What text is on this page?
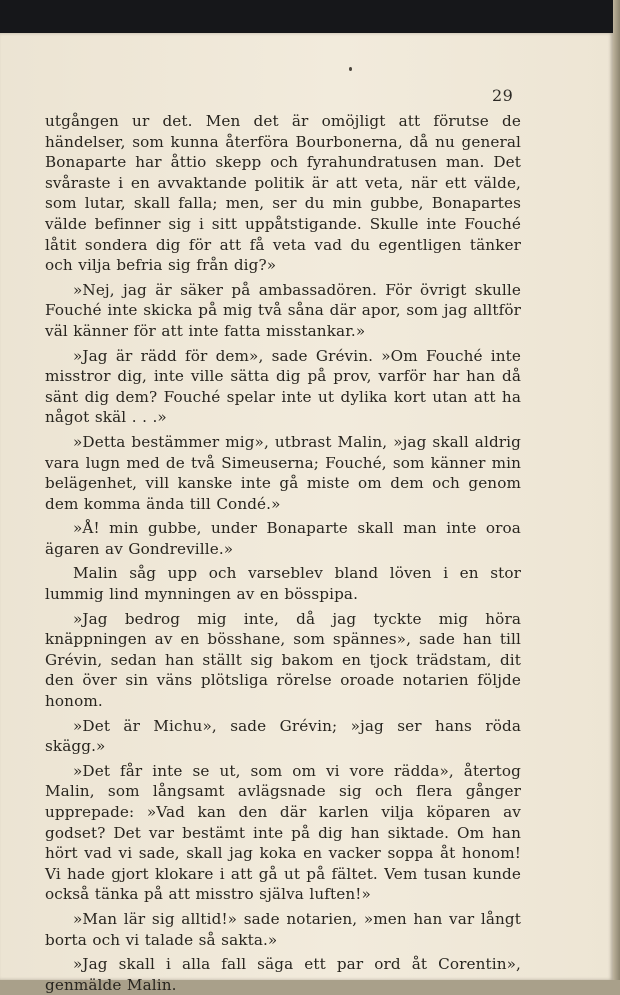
29

utgången ur det. Men det är omöjligt att förutse de händelser, som kunna återföra Bourbonerna, då nu general Bonaparte har åttio skepp och fyrahundratusen man. Det svåraste i en avvaktande politik är att veta, när ett välde, som lutar, skall falla; men, ser du min gubbe, Bonapartes välde befinner sig i sitt uppåtstigande. Skulle inte Fouché låtit sondera dig för att få veta vad du egentligen tänker och vilja befria sig från dig?»

»Nej, jag är säker på ambassadören. För övrigt skulle Fouché inte skicka på mig två såna där apor, som jag alltför väl känner för att inte fatta misstankar.»

»Jag är rädd för dem», sade Grévin. »Om Fouché inte misstror dig, inte ville sätta dig på prov, varför har han då sänt dig dem? Fouché spelar inte ut dylika kort utan att ha något skäl . . .»

»Detta bestämmer mig», utbrast Malin, »jag skall aldrig vara lugn med de två Simeuserna; Fouché, som känner min belägenhet, vill kanske inte gå miste om dem och genom dem komma ända till Condé.»

»Å! min gubbe, under Bonaparte skall man inte oroa ägaren av Gondreville.»

Malin såg upp och varseblev bland löven i en stor lummig lind mynningen av en bösspipa.

»Jag bedrog mig inte, då jag tyckte mig höra knäppningen av en bösshane, som spännes», sade han till Grévin, sedan han ställt sig bakom en tjock trädstam, dit den över sin väns plötsliga rörelse oroade notarien följde honom.

»Det är Michu», sade Grévin; »jag ser hans röda skägg.»

»Det får inte se ut, som om vi vore rädda», återtog Malin, som långsamt avlägsnade sig och flera gånger upprepade: »Vad kan den där karlen vilja köparen av godset? Det var bestämt inte på dig han siktade. Om han hört vad vi sade, skall jag koka en vacker soppa åt honom! Vi hade gjort klokare i att gå ut på fältet. Vem tusan kunde också tänka på att misstro själva luften!»

»Man lär sig alltid!» sade notarien, »men han var långt borta och vi talade så sakta.»

»Jag skall i alla fall säga ett par ord åt Corentin», genmälde Malin.
